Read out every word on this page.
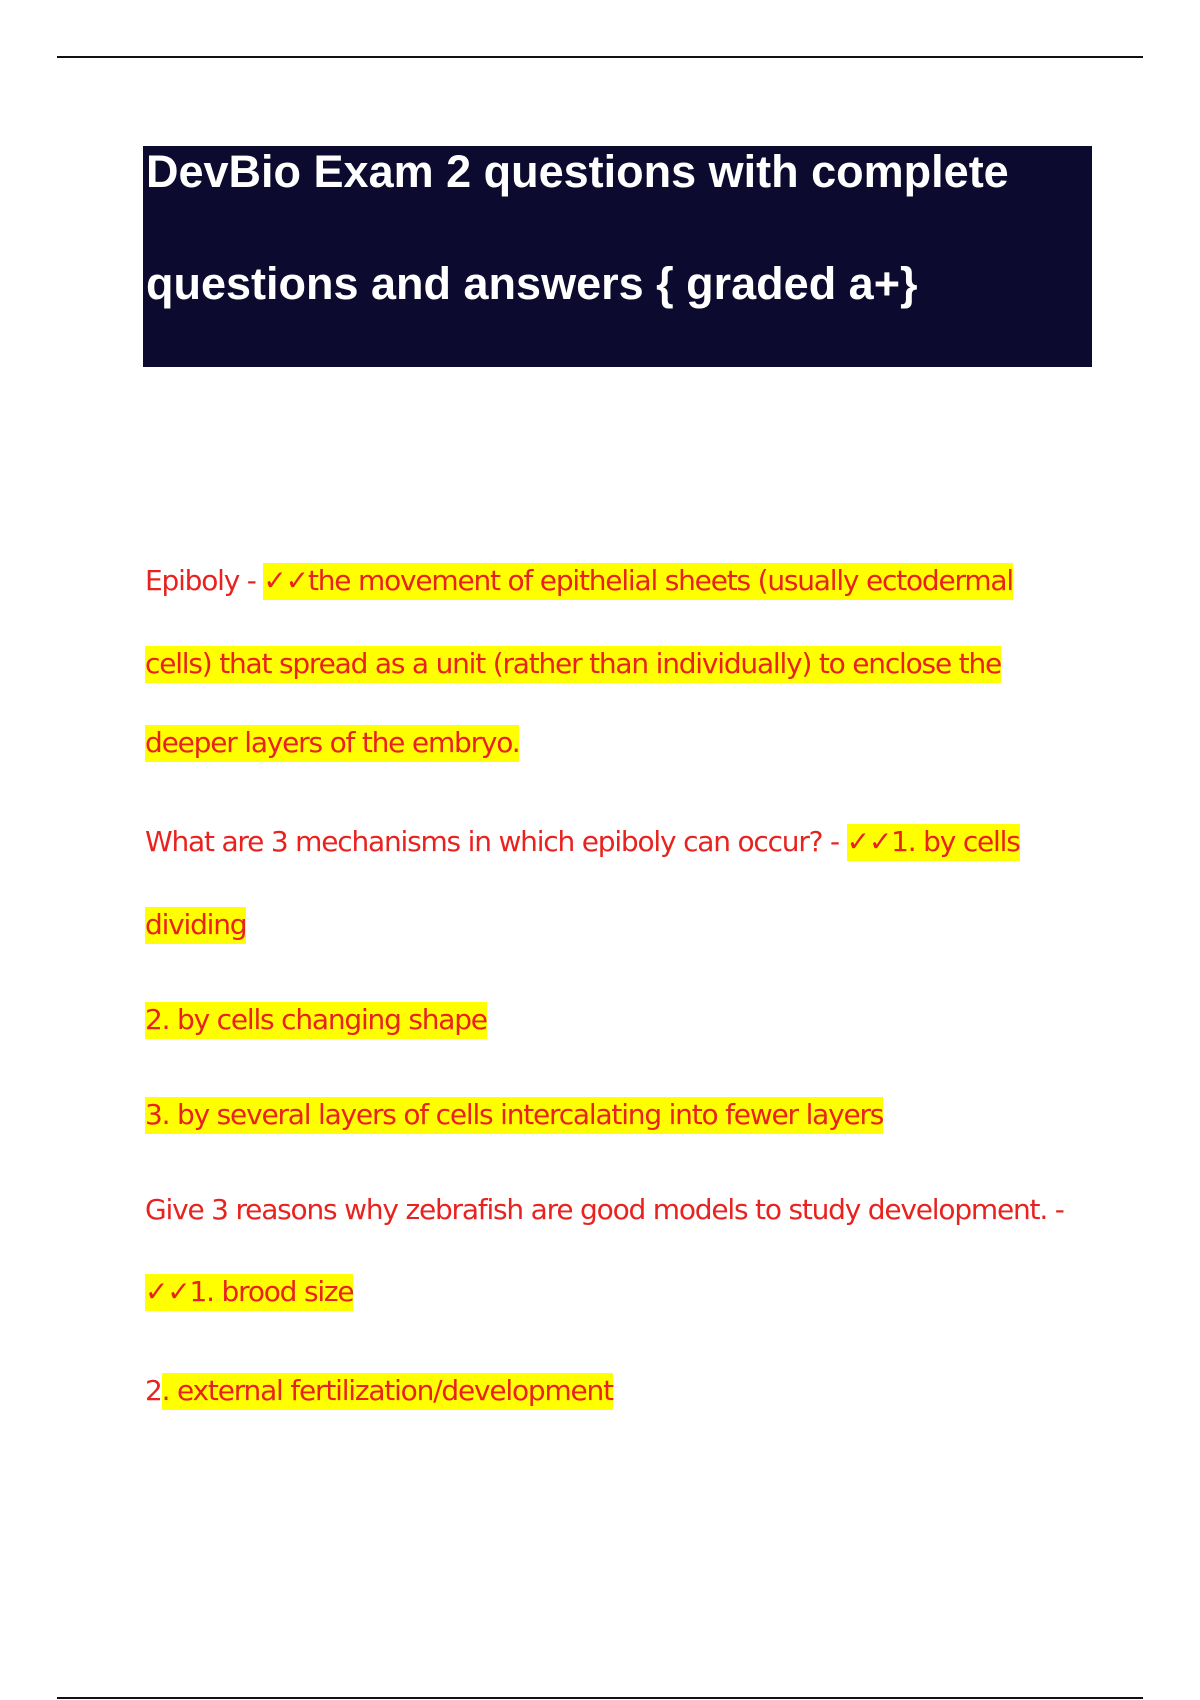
DevBio Exam 2 questions with complete
questions and answers { graded a+}
Epiboly - ✓✓the movement of epithelial sheets (usually ectodermal
cells) that spread as a unit (rather than individually) to enclose the
deeper layers of the embryo.
What are 3 mechanisms in which epiboly can occur? - ✓✓1. by cells
dividing
2. by cells changing shape
3. by several layers of cells intercalating into fewer layers
Give 3 reasons why zebrafish are good models to study development. -
✓✓1. brood size
2. external fertilization/development
